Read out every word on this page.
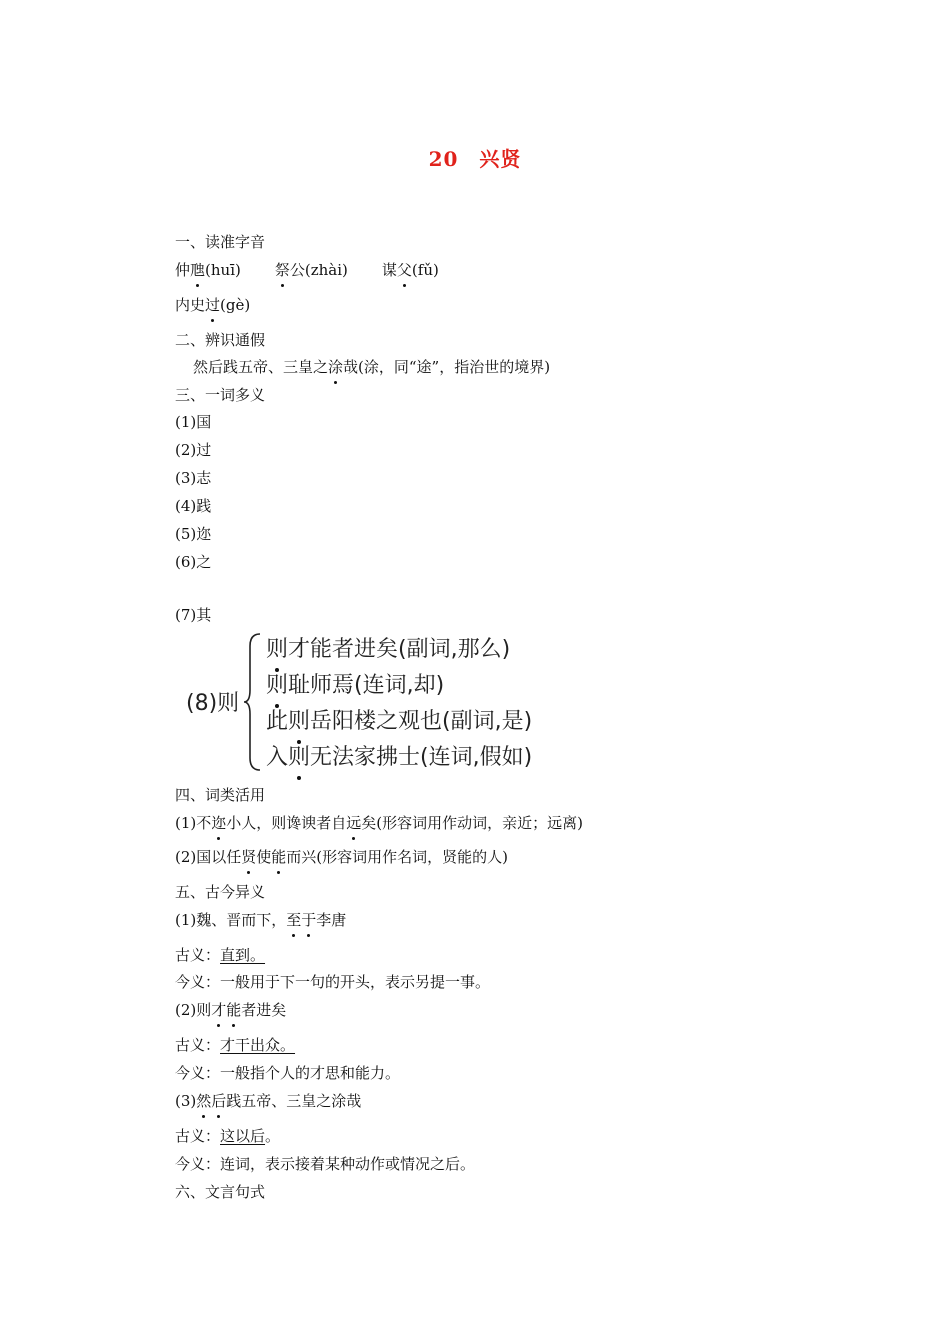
20　兴贤
一、读准字音
仲虺(huī) 祭公(zhài) 谋父(fǔ)
内史过(gè)
二、辨识通假
然后践五帝、三皇之涂哉(涂，同“途”，指治世的境界)
三、一词多义
(1)国
(2)过
(3)志
(4)践
(5)迩
(6)之
(7)其
(8)则
则才能者进矣(副词,那么)
则耻师焉(连词,却)
此则岳阳楼之观也(副词,是)
入则无法家拂士(连词,假如)
四、词类活用
(1)不迩小人，则谗谀者自远矣(形容词用作动词，亲近；远离)
(2)国以任贤使能而兴(形容词用作名词，贤能的人)
五、古今异义
(1)魏、晋而下，至于李唐
古义：直到。
今义：一般用于下一句的开头，表示另提一事。
(2)则才能者进矣
古义：才干出众。
今义：一般指个人的才思和能力。
(3)然后践五帝、三皇之涂哉
古义：这以后。
今义：连词，表示接着某种动作或情况之后。
六、文言句式
